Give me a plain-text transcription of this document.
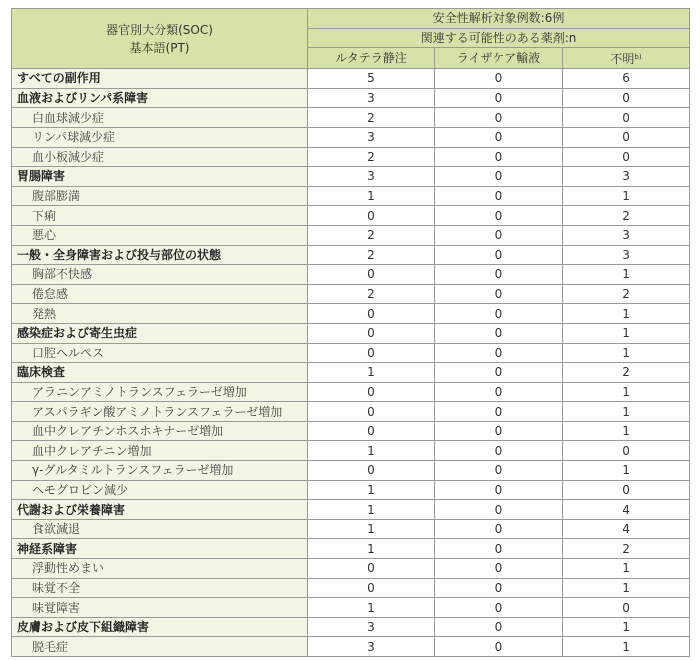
器官別大分類(SOC)
基本語(PT)	安全性解析対象例数:6例		
	関連する可能性のある薬剤:n		
	ルタテラ静注	ライザケア輸液	不明$^{b)}$
すべての副作用	5	0	6
血液およびリンパ系障害	3	0	0
白血球減少症	2	0	0
リンパ球減少症	3	0	0
血小板減少症	2	0	0
胃腸障害	3	0	3
腹部膨満	1	0	1
下痢	0	0	2
悪心	2	0	3
一般・全身障害および投与部位の状態	2	0	3
胸部不快感	0	0	1
倦怠感	2	0	2
発熱	0	0	1
感染症および寄生虫症	0	0	1
口腔ヘルペス	0	0	1
臨床検査	1	0	2
アラニンアミノトランスフェラーゼ増加	0	0	1
アスパラギン酸アミノトランスフェラーゼ増加	0	0	1
血中クレアチンホスホキナーゼ増加	0	0	1
血中クレアチニン増加	1	0	0
γ-グルタミルトランスフェラーゼ増加	0	0	1
ヘモグロビン減少	1	0	0
代謝および栄養障害	1	0	4
食欲減退	1	0	4
神経系障害	1	0	2
浮動性めまい	0	0	1
味覚不全	0	0	1
味覚障害	1	0	0
皮膚および皮下組織障害	3	0	1
脱毛症	3	0	1
